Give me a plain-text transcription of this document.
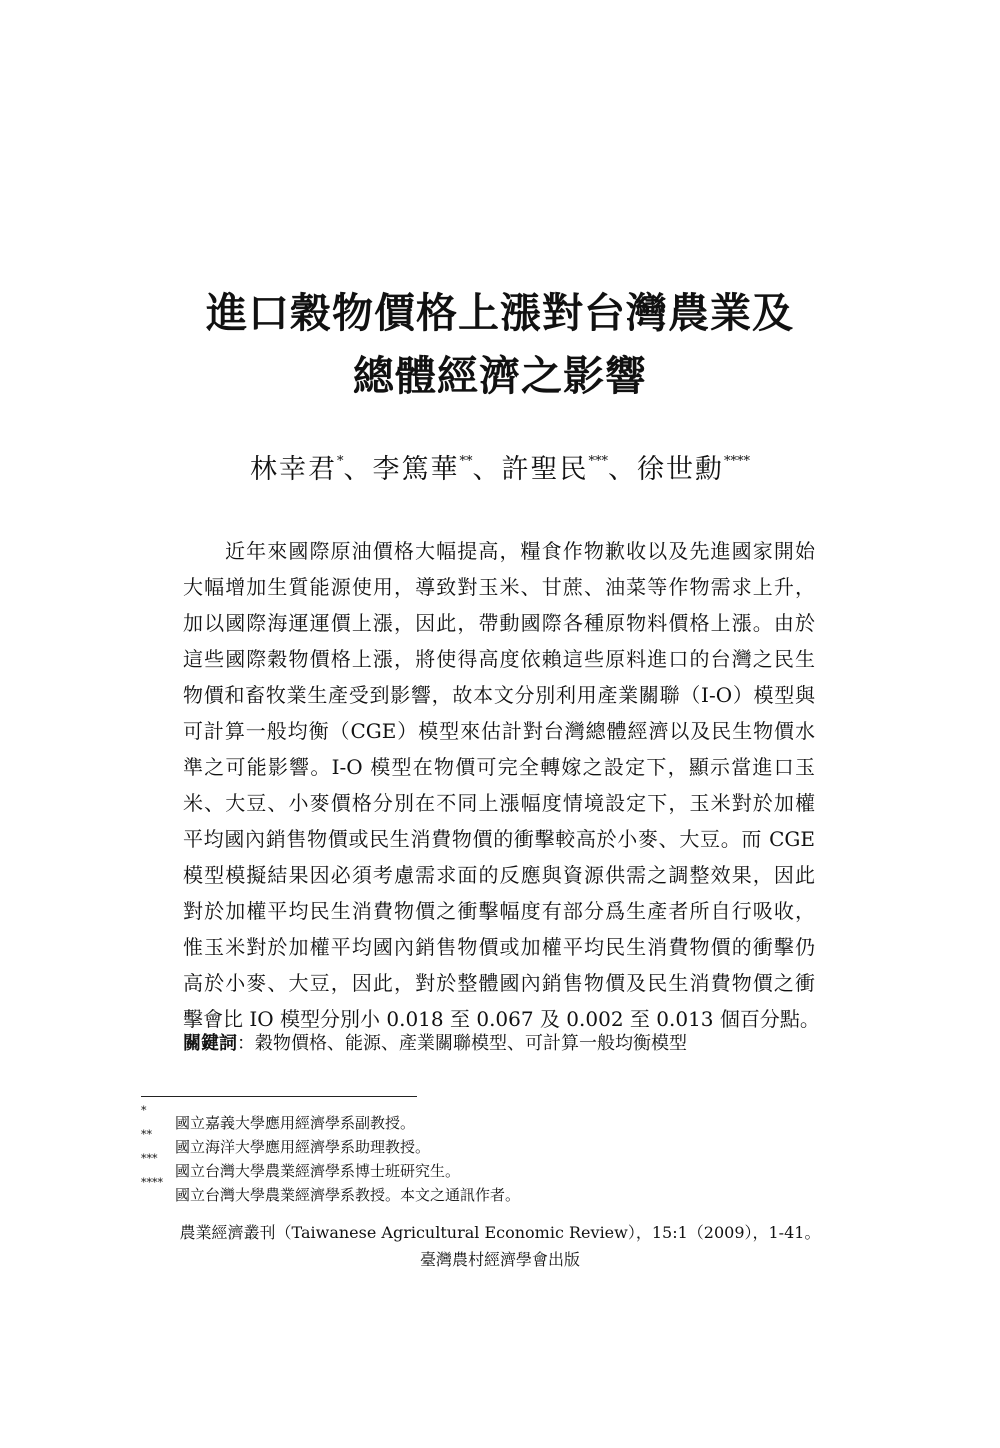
進口穀物價格上漲對台灣農業及
總體經濟之影響
林幸君*、李篤華**、許聖民***、徐世勳****
近年來國際原油價格大幅提高，糧食作物歉收以及先進國家開始
大幅增加生質能源使用，導致對玉米、甘蔗、油菜等作物需求上升，
加以國際海運運價上漲，因此，帶動國際各種原物料價格上漲。由於
這些國際穀物價格上漲，將使得高度依賴這些原料進口的台灣之民生
物價和畜牧業生產受到影響，故本文分別利用產業關聯（I-O）模型與
可計算一般均衡（CGE）模型來估計對台灣總體經濟以及民生物價水
準之可能影響。I-O 模型在物價可完全轉嫁之設定下，顯示當進口玉
米、大豆、小麥價格分別在不同上漲幅度情境設定下，玉米對於加權
平均國內銷售物價或民生消費物價的衝擊較高於小麥、大豆。而 CGE
模型模擬結果因必須考慮需求面的反應與資源供需之調整效果，因此
對於加權平均民生消費物價之衝擊幅度有部分爲生產者所自行吸收，
惟玉米對於加權平均國內銷售物價或加權平均民生消費物價的衝擊仍
高於小麥、大豆，因此，對於整體國內銷售物價及民生消費物價之衝
擊會比 IO 模型分別小 0.018 至 0.067 及 0.002 至 0.013 個百分點。
關鍵詞：穀物價格、能源、產業關聯模型、可計算一般均衡模型
*
國立嘉義大學應用經濟學系副教授。
**
國立海洋大學應用經濟學系助理教授。
***
國立台灣大學農業經濟學系博士班研究生。
****
國立台灣大學農業經濟學系教授。本文之通訊作者。
農業經濟叢刊（Taiwanese Agricultural Economic Review），15:1（2009），1-41。
臺灣農村經濟學會出版
